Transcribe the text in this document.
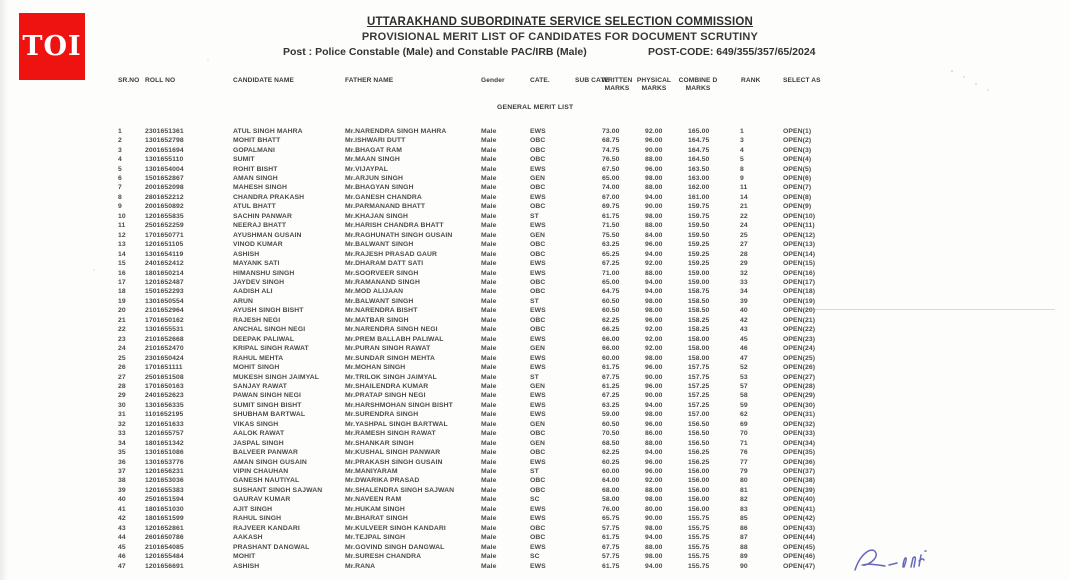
TOI
UTTARAKHAND SUBORDINATE SERVICE SELECTION COMMISSION
PROVISIONAL MERIT LIST OF CANDIDATES FOR DOCUMENT SCRUTINY
Post : Police Constable (Male) and Constable PAC/IRB (Male)	POST-CODE: 649/355/357/65/2024
SR.NO ROLL NO	CANDIDATE NAME	FATHER NAME	Gender	CATE.	SUB CATE
WRITTEN MARKS
PHYSICAL MARKS
COMBINE D MARKS
RANK	SELECT AS
GENERAL MERIT LIST
1	2301651361	ATUL SINGH MAHRA	Mr.NARENDRA SINGH MAHRA	Male	EWS	73.00	92.00	165.00	1	OPEN(1)
2	1301652798	MOHIT BHATT	Mr.ISHWARI DUTT	Male	OBC	68.75	96.00	164.75	3	OPEN(2)
3	2001651694	GOPALMANI	Mr.BHAGAT RAM	Male	OBC	74.75	90.00	164.75	4	OPEN(3)
4	1301655110	SUMIT	Mr.MAAN SINGH	Male	OBC	76.50	88.00	164.50	5	OPEN(4)
5	1301654004	ROHIT BISHT	Mr.VIJAYPAL	Male	EWS	67.50	96.00	163.50	8	OPEN(5)
6	1501652867	AMAN SINGH	Mr.ARJUN SINGH	Male	GEN	65.00	98.00	163.00	9	OPEN(6)
7	2001652098	MAHESH SINGH	Mr.BHAGYAN SINGH	Male	OBC	74.00	88.00	162.00	11	OPEN(7)
8	2801652212	CHANDRA PRAKASH	Mr.GANESH CHANDRA	Male	EWS	67.00	94.00	161.00	14	OPEN(8)
9	2001650892	ATUL BHATT	Mr.PARMANAND BHATT	Male	OBC	69.75	90.00	159.75	21	OPEN(9)
10	1201655835	SACHIN PANWAR	Mr.KHAJAN SINGH	Male	ST	61.75	98.00	159.75	22	OPEN(10)
11	2501652259	NEERAJ BHATT	Mr.HARISH CHANDRA BHATT	Male	EWS	71.50	88.00	159.50	24	OPEN(11)
12	1701650771	AYUSHMAN GUSAIN	Mr.RAGHUNATH SINGH GUSAIN	Male	GEN	75.50	84.00	159.50	25	OPEN(12)
13	1201651105	VINOD KUMAR	Mr.BALWANT SINGH	Male	OBC	63.25	96.00	159.25	27	OPEN(13)
14	1301654119	ASHISH	Mr.RAJESH PRASAD GAUR	Male	OBC	65.25	94.00	159.25	28	OPEN(14)
15	2401652412	MAYANK SATI	Mr.DHARAM DATT SATI	Male	EWS	67.25	92.00	159.25	29	OPEN(15)
16	1801650214	HIMANSHU SINGH	Mr.SOORVEER SINGH	Male	EWS	71.00	88.00	159.00	32	OPEN(16)
17	1201652487	JAYDEV SINGH	Mr.RAMANAND SINGH	Male	OBC	65.00	94.00	159.00	33	OPEN(17)
18	1501652293	AADISH ALI	Mr.MOD ALIJAAN	Male	OBC	64.75	94.00	158.75	34	OPEN(18)
19	1301650554	ARUN	Mr.BALWANT SINGH	Male	ST	60.50	98.00	158.50	39	OPEN(19)
20	2101652964	AYUSH SINGH BISHT	Mr.NARENDRA BISHT	Male	EWS	60.50	98.00	158.50	40	OPEN(20)
21	1701650162	RAJESH NEGI	Mr.MATBAR SINGH	Male	OBC	62.25	96.00	158.25	42	OPEN(21)
22	1301655531	ANCHAL SINGH NEGI	Mr.NARENDRA SINGH NEGI	Male	OBC	66.25	92.00	158.25	43	OPEN(22)
23	2101652668	DEEPAK PALIWAL	Mr.PREM BALLABH PALIWAL	Male	EWS	66.00	92.00	158.00	45	OPEN(23)
24	2101652470	KRIPAL SINGH RAWAT	Mr.PURAN SINGH RAWAT	Male	GEN	66.00	92.00	158.00	46	OPEN(24)
25	2301650424	RAHUL MEHTA	Mr.SUNDAR SINGH MEHTA	Male	EWS	60.00	98.00	158.00	47	OPEN(25)
26	1701651111	MOHIT SINGH	Mr.MOHAN SINGH	Male	EWS	61.75	96.00	157.75	52	OPEN(26)
27	2501651508	MUKESH SINGH JAIMYAL	Mr.TRILOK SINGH JAIMYAL	Male	ST	67.75	90.00	157.75	53	OPEN(27)
28	1701650163	SANJAY RAWAT	Mr.SHAILENDRA KUMAR	Male	GEN	61.25	96.00	157.25	57	OPEN(28)
29	2401652623	PAWAN SINGH NEGI	Mr.PRATAP SINGH NEGI	Male	EWS	67.25	90.00	157.25	58	OPEN(29)
30	1301656335	SUMIT SINGH BISHT	Mr.HARSHMOHAN SINGH BISHT	Male	EWS	63.25	94.00	157.25	59	OPEN(30)
31	1101652195	SHUBHAM BARTWAL	Mr.SURENDRA SINGH	Male	EWS	59.00	98.00	157.00	62	OPEN(31)
32	1201651633	VIKAS SINGH	Mr.YASHPAL SINGH BARTWAL	Male	GEN	60.50	96.00	156.50	69	OPEN(32)
33	1201655757	AALOK RAWAT	Mr.RAMESH SINGH RAWAT	Male	OBC	70.50	86.00	156.50	70	OPEN(33)
34	1801651342	JASPAL SINGH	Mr.SHANKAR SINGH	Male	GEN	68.50	88.00	156.50	71	OPEN(34)
35	1301651086	BALVEER PANWAR	Mr.KUSHAL SINGH PANWAR	Male	OBC	62.25	94.00	156.25	76	OPEN(35)
36	1301653776	AMAN SINGH GUSAIN	Mr.PRAKASH SINGH GUSAIN	Male	EWS	60.25	96.00	156.25	77	OPEN(36)
37	1201656231	VIPIN CHAUHAN	Mr.MANIYARAM	Male	ST	60.00	96.00	156.00	79	OPEN(37)
38	1201653036	GANESH NAUTIYAL	Mr.DWARIKA PRASAD	Male	OBC	64.00	92.00	156.00	80	OPEN(38)
39	1201655383	SUSHANT SINGH SAJWAN	Mr.SHALENDRA SINGH SAJWAN	Male	OBC	68.00	88.00	156.00	81	OPEN(39)
40	2501651594	GAURAV KUMAR	Mr.NAVEEN RAM	Male	SC	58.00	98.00	156.00	82	OPEN(40)
41	1801651030	AJIT SINGH	Mr.HUKAM SINGH	Male	EWS	76.00	80.00	156.00	83	OPEN(41)
42	1801651599	RAHUL SINGH	Mr.BHARAT SINGH	Male	EWS	65.75	90.00	155.75	85	OPEN(42)
43	1201652861	RAJVEER KANDARI	Mr.KULVEER SINGH KANDARI	Male	OBC	57.75	98.00	155.75	86	OPEN(43)
44	2601650786	AAKASH	Mr.TEJPAL SINGH	Male	OBC	61.75	94.00	155.75	87	OPEN(44)
45	2101654085	PRASHANT DANGWAL	Mr.GOVIND SINGH DANGWAL	Male	EWS	67.75	88.00	155.75	88	OPEN(45)
46	1201655484	MOHIT	Mr.SURESH CHANDRA	Male	SC	57.75	98.00	155.75	89	OPEN(46)
47	1201656691	ASHISH	Mr.RANA	Male	EWS	61.75	94.00	155.75	90	OPEN(47)
